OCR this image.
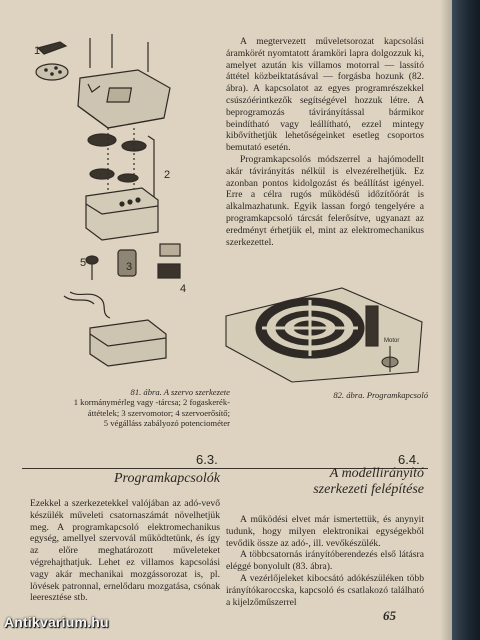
1
2
3
4
5
81. ábra. A szervo szerkezete
1 kormánymérleg vagy -tárcsa; 2 fogaskerék-
áttételek; 3 szervomotor; 4 szervoerősítő;
5 végálláss zabályozó potenciométer

A megtervezett műveletsorozat kapcsolási áramkörét nyomtatott áramköri lapra dolgozzuk ki, amelyet azután kis villamos motorral — lassító áttétel közbeiktatásával — forgásba hozunk (82. ábra). A kapcsolatot az egyes programrészekkel csúszóérintkezők segítségével hozzuk létre. A beprogramozás távirányítással bármikor beindítható vagy leállítható, ezzel mintegy kibővíthetjük lehetőségeinket esetleg csoportos bemutató esetén.

Programkapcsolós módszerrel a hajómodellt akár távirányítás nélkül is elvezérelhetjük. Ez azonban pontos kidolgozást és beállítást igényel. Erre a célra rugós működésű időzítőórát is alkalmazhatunk. Egyik lassan forgó tengelyére a programkapcsoló tárcsát felerősítve, ugyanazt az eredményt érhetjük el, mint az elektromechanikus szerkezettel.

Motor
82. ábra. Programkapcsoló
6.3.
Programkapcsolók
6.4.
A modellirányító
szerkezeti felépítése

Ezekkel a szerkezetekkel valójában az adó-vevő készülék műveleti csatornaszámát növelhetjük meg. A programkapcsoló elektromechanikus egység, amellyel szervovál működtetünk, és így az előre meghatározott műveleteket végrehajthatjuk. Lehet ez villamos kapcsolási vagy akár mechanikai mozgássorozat is, pl. lövések patronnal, ernelődaru mozgatása, csónak leeresztése stb.

A működési elvet már ismertettük, és anynyit tudunk, hogy milyen elektronikai egységekből tevődik össze az adó-, ill. vevőkészülék.

A többcsatornás irányítóberendezés első látásra eléggé bonyolult (83. ábra).

A vezérlőjeleket kibocsátó adókészüléken több irányítókaroccska, kapcsoló és csatlakozó található a kijelzőműszerrel

65
Antikvarium.hu
